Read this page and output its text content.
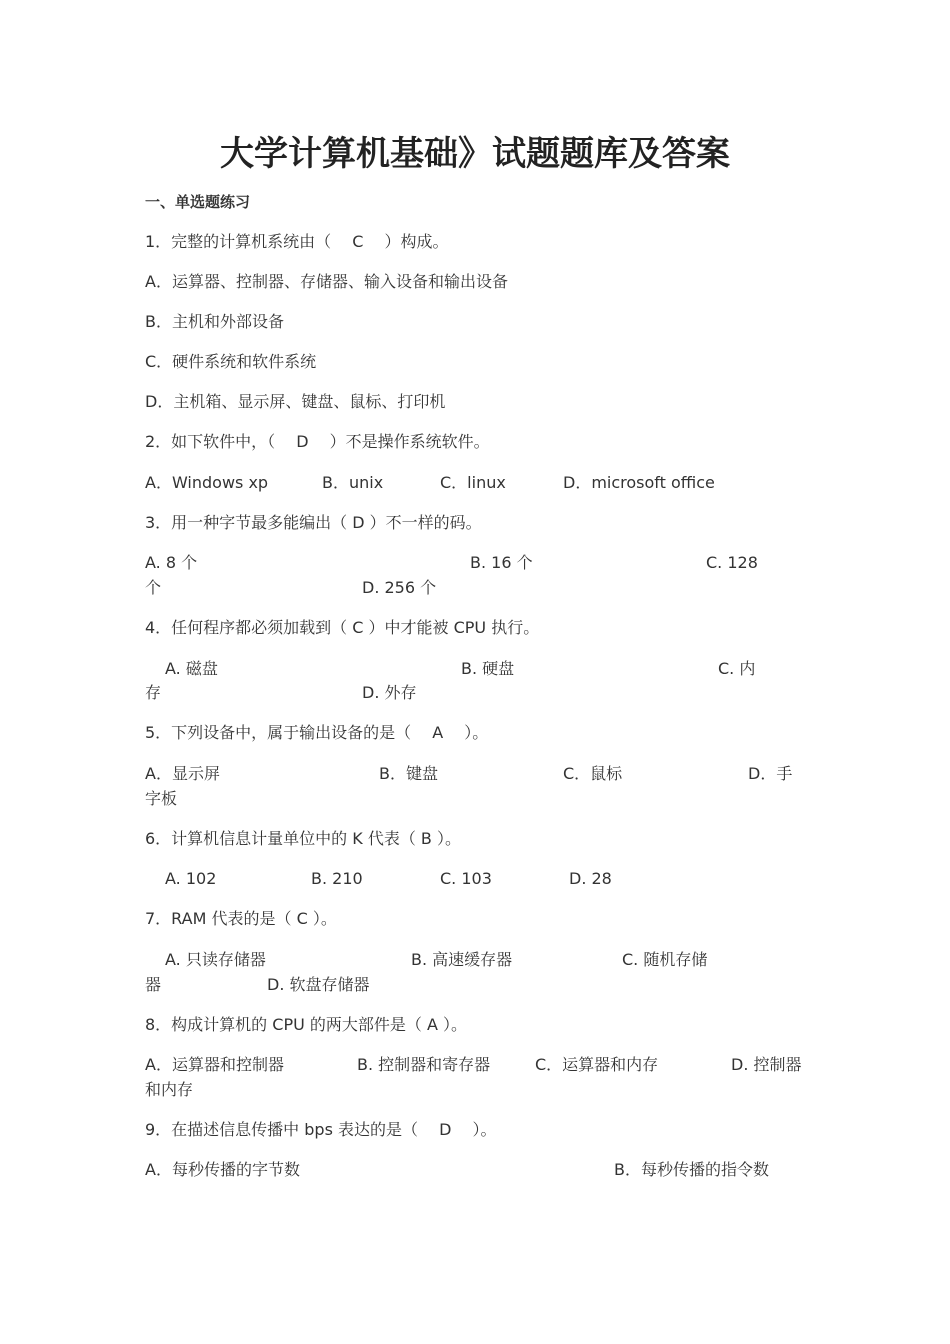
大学计算机基础》试题题库及答案
一、单选题练习
1．完整的计算机系统由（　 C　 ）构成。
A．运算器、控制器、存储器、输入设备和输出设备
B．主机和外部设备
C．硬件系统和软件系统
D．主机箱、显示屏、键盘、鼠标、打印机
2．如下软件中，（　 D　 ）不是操作系统软件。
A．Windows xp	B．unix	C．linux	D．microsoft office
3．用一种字节最多能编出（ D ）不一样的码。
A. 8 个	B. 16 个	C. 128
个	D. 256 个
4．任何程序都必须加载到（ C ）中才能被 CPU 执行。
A. 磁盘	B. 硬盘	C. 内
存	D. 外存
5．下列设备中，属于输出设备的是（　 A　 ）。
A．显示屏	B．键盘	C．鼠标	D．手
字板
6．计算机信息计量单位中的 K 代表（ B ）。
A. 102	B. 210	C. 103	D. 28
7．RAM 代表的是（ C ）。
A. 只读存储器	B. 高速缓存器	C. 随机存储
器	D. 软盘存储器
8．构成计算机的 CPU 的两大部件是（ A ）。
A．运算器和控制器	B. 控制器和寄存器	C．运算器和内存	D. 控制器
和内存
9．在描述信息传播中 bps 表达的是（　 D　 ）。
A．每秒传播的字节数	B．每秒传播的指令数
